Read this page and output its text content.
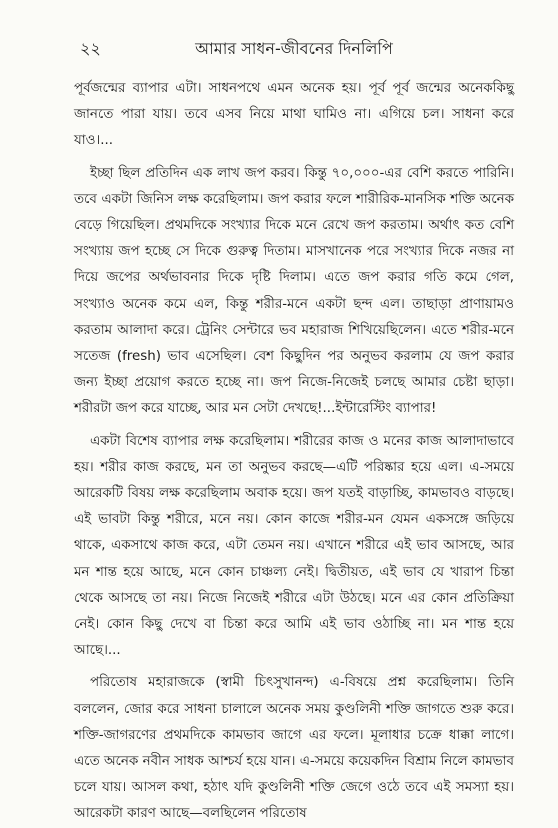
২২	আমার সাধন-জীবনের দিনলিপি

পূর্বজন্মের ব্যাপার এটা। সাধনপথে এমন অনেক হয়। পূর্ব পূর্ব জন্মের অনেককিছু জানতে পারা যায়। তবে এসব নিয়ে মাথা ঘামিও না। এগিয়ে চল। সাধনা করে যাও।...

ইচ্ছা ছিল প্রতিদিন এক লাখ জপ করব। কিন্তু ৭০,০০০-এর বেশি করতে পারিনি। তবে একটা জিনিস লক্ষ করেছিলাম। জপ করার ফলে শারীরিক-মানসিক শক্তি অনেক বেড়ে গিয়েছিল। প্রথমদিকে সংখ্যার দিকে মনে রেখে জপ করতাম। অর্থাৎ কত বেশি সংখ্যায় জপ হচ্ছে সে দিকে গুরুত্ব দিতাম। মাসখানেক পরে সংখ্যার দিকে নজর না দিয়ে জপের অর্থভাবনার দিকে দৃষ্টি দিলাম। এতে জপ করার গতি কমে গেল, সংখ্যাও অনেক কমে এল, কিন্তু শরীর-মনে একটা ছন্দ এল। তাছাড়া প্রাণায়ামও করতাম আলাদা করে। ট্রেনিং সেন্টারে ভব মহারাজ শিখিয়েছিলেন। এতে শরীর-মনে সতেজ (fresh) ভাব এসেছিল। বেশ কিছুদিন পর অনুভব করলাম যে জপ করার জন্য ইচ্ছা প্রয়োগ করতে হচ্ছে না। জপ নিজে-নিজেই চলছে আমার চেষ্টা ছাড়া। শরীরটা জপ করে যাচ্ছে, আর মন সেটা দেখছে!...ইন্টারেস্টিং ব্যাপার!

একটা বিশেষ ব্যাপার লক্ষ করেছিলাম। শরীরের কাজ ও মনের কাজ আলাদাভাবে হয়। শরীর কাজ করছে, মন তা অনুভব করছে—এটি পরিষ্কার হয়ে এল। এ-সময়ে আরেকটি বিষয় লক্ষ করেছিলাম অবাক হয়ে। জপ যতই বাড়াচ্ছি, কামভাবও বাড়ছে। এই ভাবটা কিন্তু শরীরে, মনে নয়। কোন কাজে শরীর-মন যেমন একসঙ্গে জড়িয়ে থাকে, একসাথে কাজ করে, এটা তেমন নয়। এখানে শরীরে এই ভাব আসছে, আর মন শান্ত হয়ে আছে, মনে কোন চাঞ্চল্য নেই। দ্বিতীয়ত, এই ভাব যে খারাপ চিন্তা থেকে আসছে তা নয়। নিজে নিজেই শরীরে এটা উঠছে। মনে এর কোন প্রতিক্রিয়া নেই। কোন কিছু দেখে বা চিন্তা করে আমি এই ভাব ওঠাচ্ছি না। মন শান্ত হয়ে আছে।...

পরিতোষ মহারাজকে (স্বামী চিৎসুখানন্দ) এ-বিষয়ে প্রশ্ন করেছিলাম। তিনি বললেন, জোর করে সাধনা চালালে অনেক সময় কুণ্ডলিনী শক্তি জাগতে শুরু করে। শক্তি-জাগরণের প্রথমদিকে কামভাব জাগে এর ফলে। মূলাধার চক্রে ধাক্কা লাগে। এতে অনেক নবীন সাধক আশ্চর্য হয়ে যান। এ-সময়ে কয়েকদিন বিশ্রাম নিলে কামভাব চলে যায়। আসল কথা, হঠাৎ যদি কুণ্ডলিনী শক্তি জেগে ওঠে তবে এই সমস্যা হয়। আরেকটা কারণ আছে—বলছিলেন পরিতোষ
